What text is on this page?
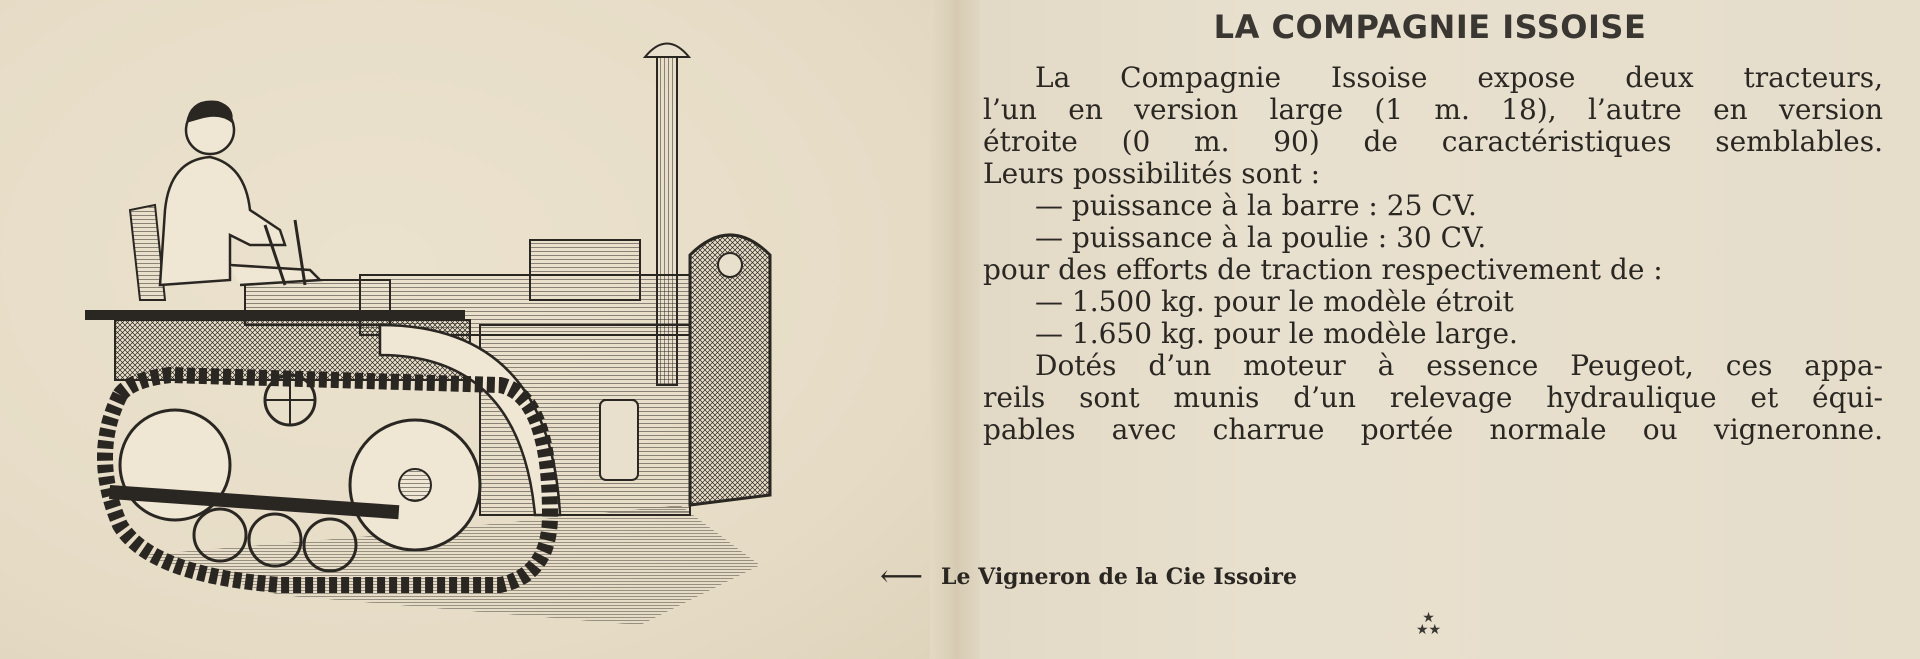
LA COMPAGNIE ISSOISE
La Compagnie Issoise expose deux tracteurs,
l’un en version large (1 m. 18), l’autre en version
étroite (0 m. 90) de caractéristiques semblables.
Leurs possibilités sont :
— puissance à la barre : 25 CV.
— puissance à la poulie : 30 CV.
pour des efforts de traction respectivement de :
— 1.500 kg. pour le modèle étroit
— 1.650 kg. pour le modèle large.
Dotés d’un moteur à essence Peugeot, ces appa-
reils sont munis d’un relevage hydraulique et équi-
pables avec charrue portée normale ou vigneronne.
⟵ Le Vigneron de la Cie Issoire
★
★★
